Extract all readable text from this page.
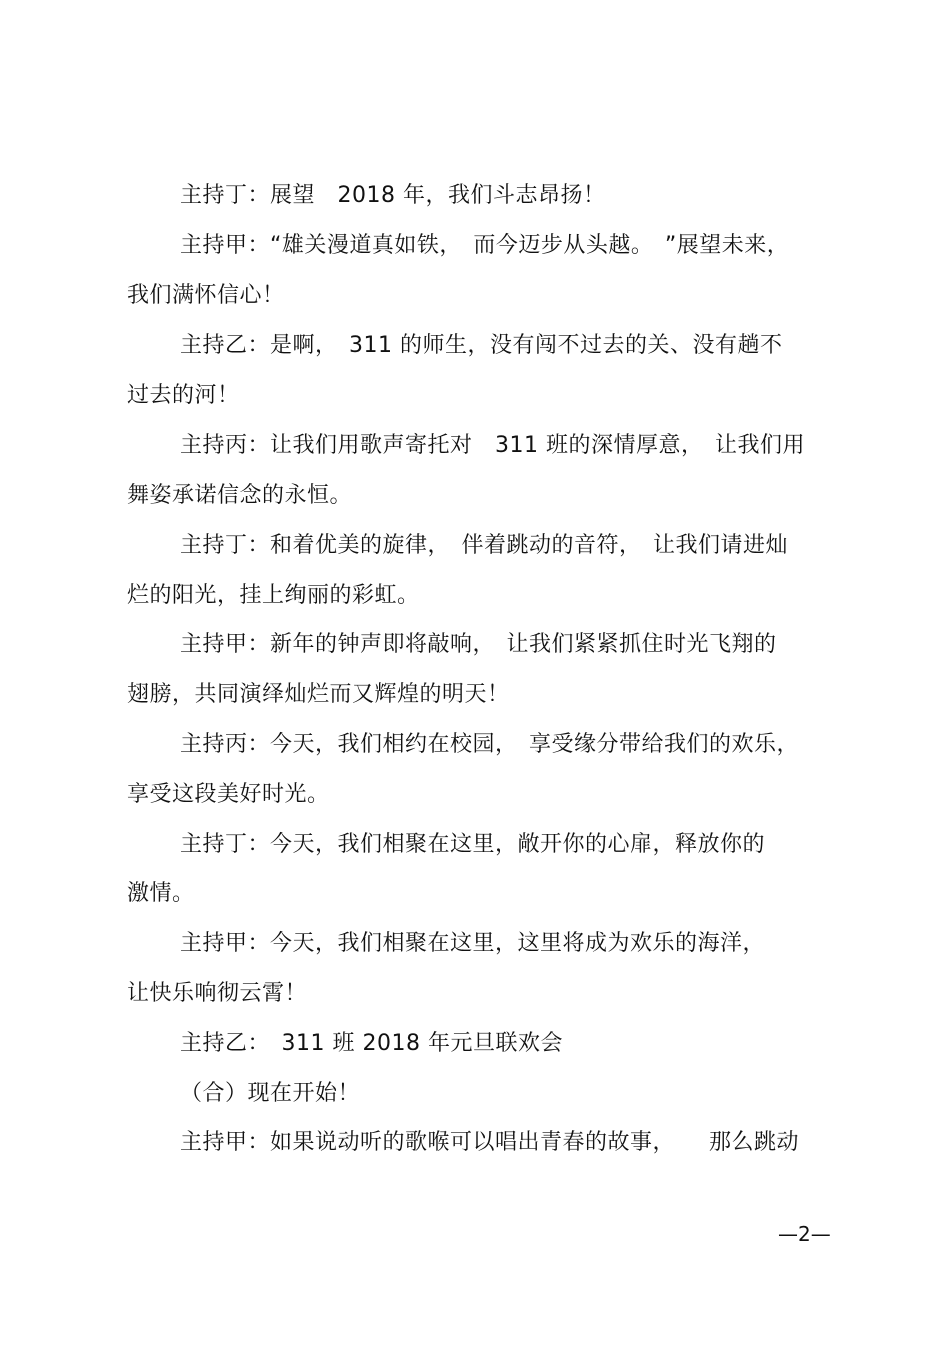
主持丁：展望　2018 年，我们斗志昂扬！
主持甲：“雄关漫道真如铁，　而今迈步从头越。　”展望未来，
我们满怀信心！
主持乙：是啊，　311 的师生，没有闯不过去的关、没有趟不
过去的河！
主持丙：让我们用歌声寄托对　311 班的深情厚意，　让我们用
舞姿承诺信念的永恒。
主持丁：和着优美的旋律，　伴着跳动的音符，　让我们请进灿
烂的阳光，挂上绚丽的彩虹。
主持甲：新年的钟声即将敲响，　让我们紧紧抓住时光飞翔的
翅膀，共同演绎灿烂而又辉煌的明天！
主持丙：今天，我们相约在校园，　享受缘分带给我们的欢乐，
享受这段美好时光。
主持丁：今天，我们相聚在这里，敞开你的心扉，释放你的
激情。
主持甲：今天，我们相聚在这里，这里将成为欢乐的海洋，
让快乐响彻云霄！
主持乙：　311 班 2018 年元旦联欢会
（合）现在开始！
主持甲：如果说动听的歌喉可以唱出青春的故事，　　那么跳动
—2—
